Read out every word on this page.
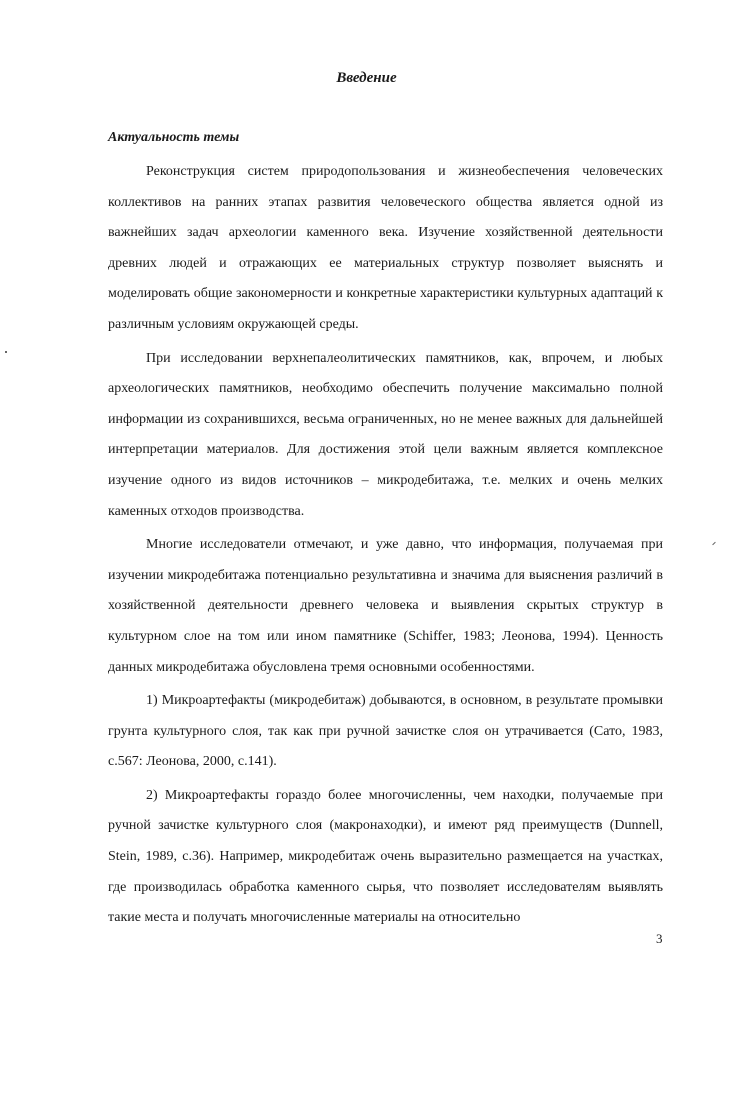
Введение
Актуальность темы

Реконструкция систем природопользования и жизнеобеспечения человеческих коллективов на ранних этапах развития человеческого общества является одной из важнейших задач археологии каменного века. Изучение хозяйственной деятельности древних людей и отражающих ее материальных структур позволяет выяснять и моделировать общие закономерности и конкретные характеристики культурных адаптаций к различным условиям окружающей среды.

При исследовании верхнепалеолитических памятников, как, впрочем, и любых археологических памятников, необходимо обеспечить получение максимально полной информации из сохранившихся, весьма ограниченных, но не менее важных для дальнейшей интерпретации материалов. Для достижения этой цели важным является комплексное изучение одного из видов источников – микродебитажа, т.е. мелких и очень мелких каменных отходов производства.

Многие исследователи отмечают, и уже давно, что информация, получаемая при изучении микродебитажа потенциально результативна и значима для выяснения различий в хозяйственной деятельности древнего человека и выявления скрытых структур в культурном слое на том или ином памятнике (Schiffer, 1983; Леонова, 1994). Ценность данных микродебитажа обусловлена тремя основными особенностями.

1) Микроартефакты (микродебитаж) добываются, в основном, в результате промывки грунта культурного слоя, так как при ручной зачистке слоя он утрачивается (Сато, 1983, с.567: Леонова, 2000, с.141).

2) Микроартефакты гораздо более многочисленны, чем находки, получаемые при ручной зачистке культурного слоя (макронаходки), и имеют ряд преимуществ (Dunnell, Stein, 1989, с.36). Например, микродебитаж очень выразительно размещается на участках, где производилась обработка каменного сырья, что позволяет исследователям выявлять такие места и получать многочисленные материалы на относительно

3
